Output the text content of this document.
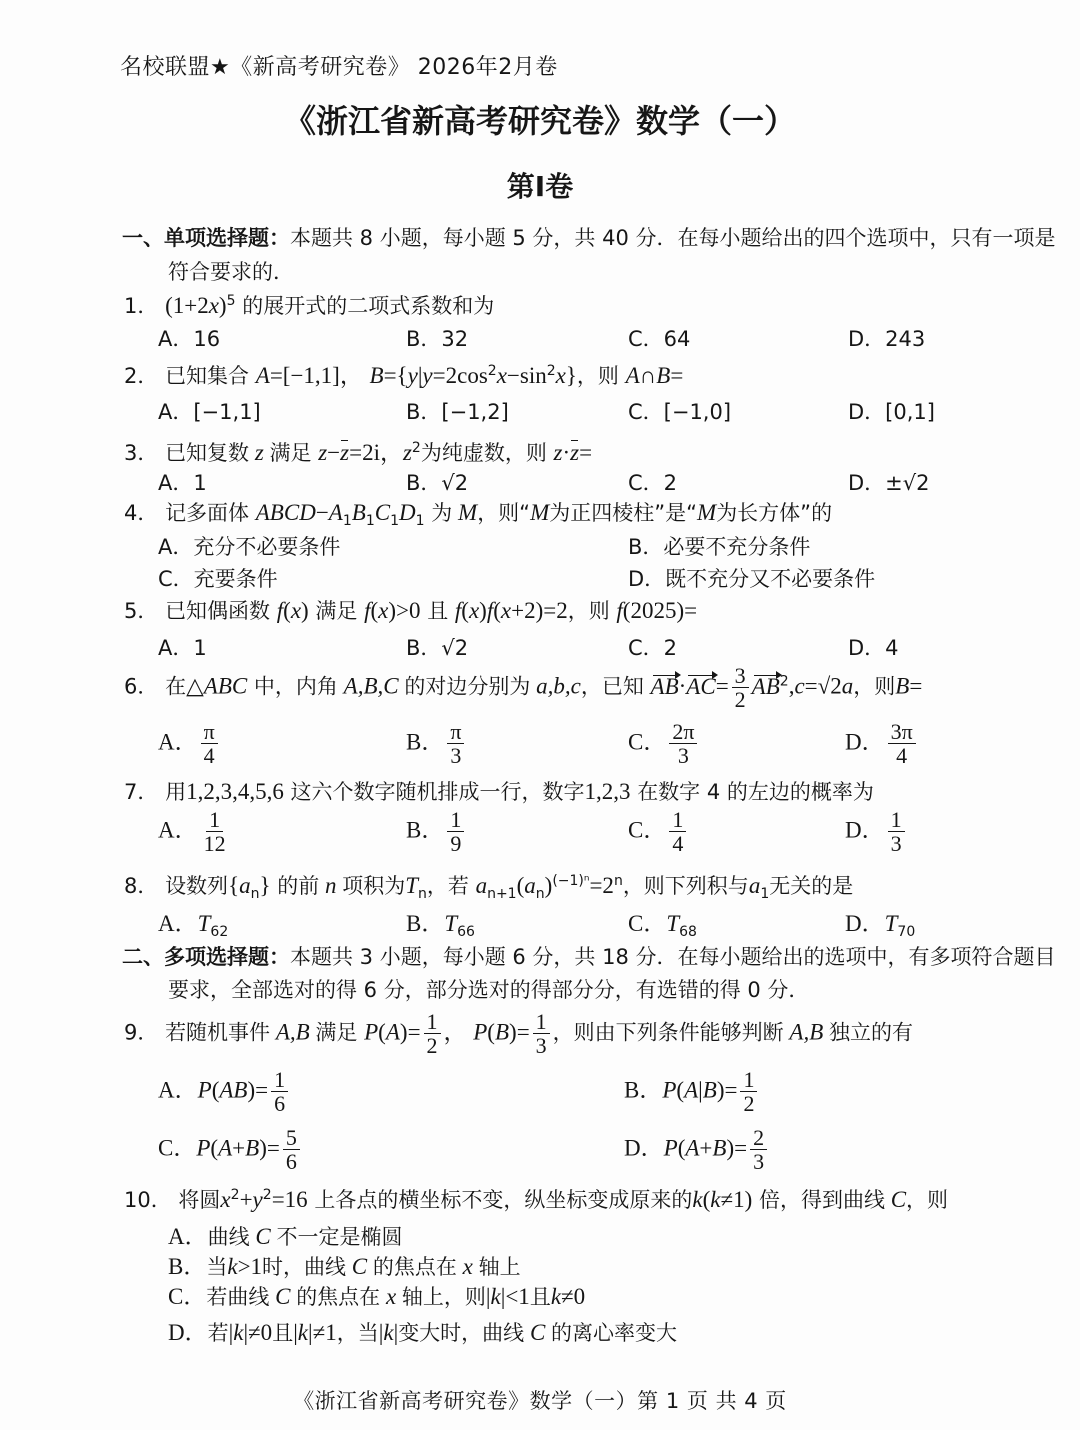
名校联盟★《新高考研究卷》 2026年2月卷
《浙江省新高考研究卷》数学（一）
第Ⅰ卷
一、单项选择题：本题共 8 小题，每小题 5 分，共 40 分．在每小题给出的四个选项中，只有一项是
符合要求的．
1． $(1+2x)^5$ 的展开式的二项式系数和为
A．16	B．32	C．64	D．243
2． 已知集合 A=[−1,1]， $B=\{y|y=2\cos^2x-\sin^2x\}$，则 A∩B=
A．[−1,1]	B．[−1,2]	C．[−1,0]	D．[0,1]
3． 已知复数 z 满足 z−z=2i，$z^2$为纯虚数，则 z·z=
A．1	B．√2	C．2	D．±√2
4． 记多面体 $ABCD-A_1B_1C_1D_1$ 为 M，则“M为正四棱柱”是“M为长方体”的
A．充分不必要条件	B．必要不充分条件
C．充要条件	D．既不充分又不必要条件
5． 已知偶函数 f(x) 满足 f(x)>0 且 f(x)f(x+2)=2，则 f(2025)=
A．1	B．√2	C．2	D．4
6． 在△ABC 中，内角 A,B,C 的对边分别为 a,b,c，已知 $AB\cdot AC= \frac{3}{2} AB^2,c=√2a$，则B=
A． $\frac{\pi}{4}$	B． $\frac{\pi}{3}$	C． $\frac{2\pi}{3}$	D． $\frac{3\pi}{4}$
7． 用1,2,3,4,5,6 这六个数字随机排成一行，数字1,2,3 在数字 4 的左边的概率为
A． $\frac{1}{12}$	B． $\frac{1}{9}$	C． $\frac{1}{4}$	D． $\frac{1}{3}$
8． 设数列$\{a_n\}$ 的前 n 项积为$T_n$，若 $a_{n+1}(a_n)^{(-1)^n}=2^n$，则下列积与$a_1$无关的是
A．$T_{62}$	B．$T_{66}$	C．$T_{68}$	D．$T_{70}$
二、多项选择题：本题共 3 小题，每小题 6 分，共 18 分．在每小题给出的选项中，有多项符合题目
要求，全部选对的得 6 分，部分选对的得部分分，有选错的得 0 分．
9． 若随机事件 A,B 满足 $P(A)= \frac{1}{2}$ ， $P(B)= \frac{1}{3}$ ，则由下列条件能够判断 A,B 独立的有
A．$P(AB)= \frac{1}{6}$	B．$P(A|B)= \frac{1}{2}$
C．$P(A+B)= \frac{5}{6}$	D．$P(A+B)= \frac{2}{3}$
10． 将圆$x^2+y^2=16$ 上各点的横坐标不变，纵坐标变成原来的k(k≠1) 倍，得到曲线 C，则
A．曲线 C 不一定是椭圆
B．当k>1时，曲线 C 的焦点在 x 轴上
C．若曲线 C 的焦点在 x 轴上，则|k|<1且k≠0
D．若|k|≠0且|k|≠1，当|k|变大时，曲线 C 的离心率变大
《浙江省新高考研究卷》数学（一）第 1 页 共 4 页
